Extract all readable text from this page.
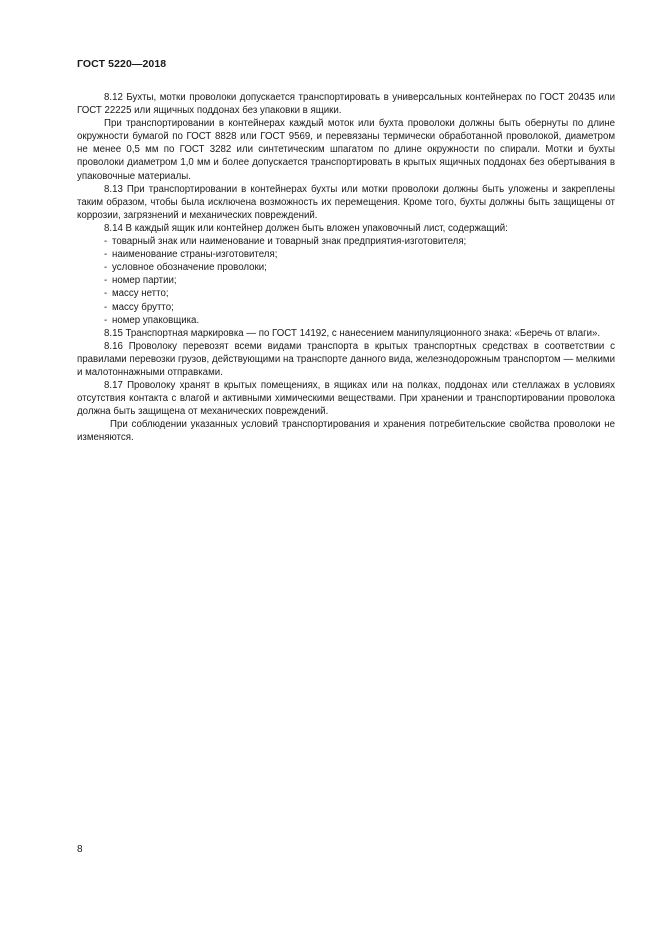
ГОСТ 5220—2018

8.12 Бухты, мотки проволоки допускается транспортировать в универсальных контейнерах по ГОСТ 20435 или ГОСТ 22225 или ящичных поддонах без упаковки в ящики.

При транспортировании в контейнерах каждый моток или бухта проволоки должны быть обернуты по длине окружности бумагой по ГОСТ 8828 или ГОСТ 9569, и перевязаны термически обработанной проволокой, диаметром не менее 0,5 мм по ГОСТ 3282 или синтетическим шпагатом по длине окружности по спирали. Мотки и бухты проволоки диаметром 1,0 мм и более допускается транспортировать в крытых ящичных поддонах без обертывания в упаковочные материалы.

8.13 При транспортировании в контейнерах бухты или мотки проволоки должны быть уложены и закреплены таким образом, чтобы была исключена возможность их перемещения. Кроме того, бухты должны быть защищены от коррозии, загрязнений и механических повреждений.

8.14 В каждый ящик или контейнер должен быть вложен упаковочный лист, содержащий:

- товарный знак или наименование и товарный знак предприятия-изготовителя;
- наименование страны-изготовителя;
- условное обозначение проволоки;
- номер партии;
- массу нетто;
- массу брутто;
- номер упаковщика.

8.15 Транспортная маркировка — по ГОСТ 14192, с нанесением манипуляционного знака: «Беречь от влаги».

8.16 Проволоку перевозят всеми видами транспорта в крытых транспортных средствах в соответствии с правилами перевозки грузов, действующими на транспорте данного вида, железнодорожным транспортом — мелкими и малотоннажными отправками.

8.17 Проволоку хранят в крытых помещениях, в ящиках или на полках, поддонах или стеллажах в условиях отсутствия контакта с влагой и активными химическими веществами. При хранении и транспортировании проволока должна быть защищена от механических повреждений.

При соблюдении указанных условий транспортирования и хранения потребительские свойства проволоки не изменяются.

8
